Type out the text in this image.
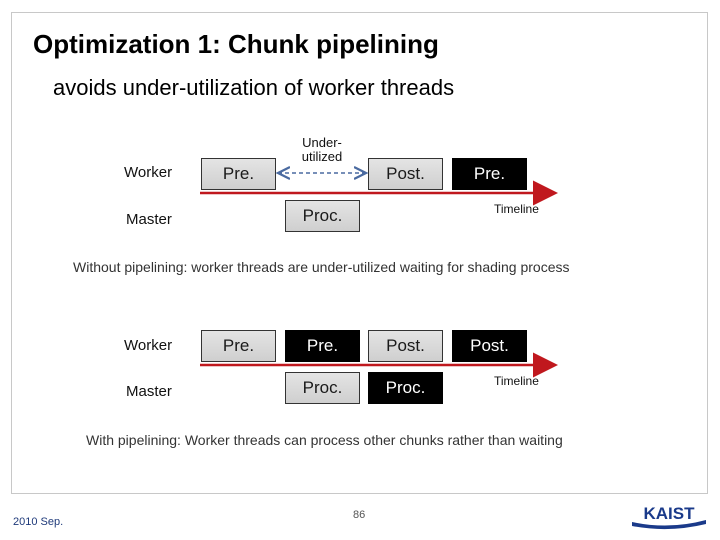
Optimization 1: Chunk pipelining
avoids under-utilization of worker threads
Worker
Master
Under-
utilized
Pre.	Post.	Pre.
Proc.	Timeline
Without pipelining: worker threads are under-utilized waiting for shading process
Worker
Master
Pre.	Pre.	Post.	Post.
Proc.	Proc.	Timeline
With pipelining: Worker threads can process other chunks rather than waiting
2010 Sep.
86	KAIST
